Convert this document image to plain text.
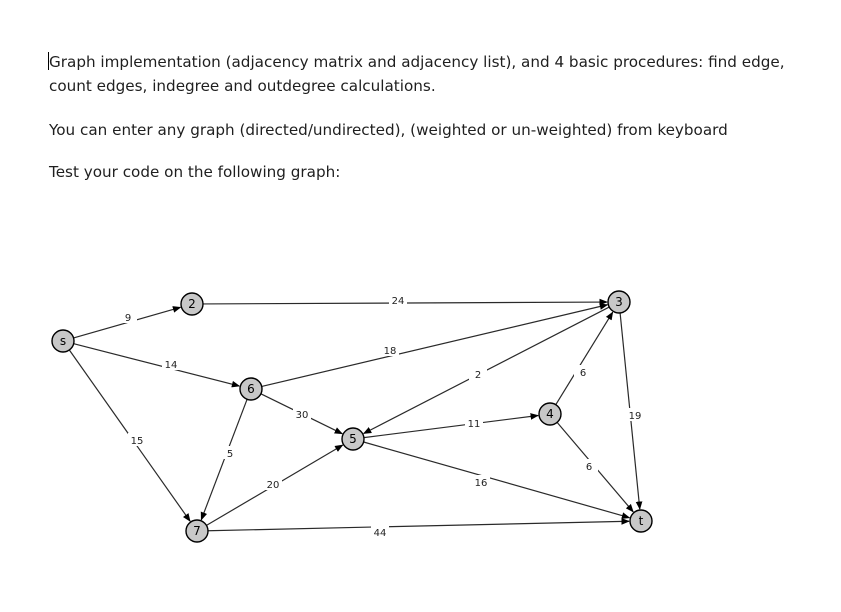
Graph implementation (adjacency matrix and adjacency list), and 4 basic procedures: find edge, count edges, indegree and outdegree calculations.

You can enter any graph (directed/undirected), (weighted or un-weighted) from keyboard

Test your code on the following graph:

9
24
14
15
18
30
5
2
19
6
6
11
16
20
44
s
2	3
4
5
6
7
t
